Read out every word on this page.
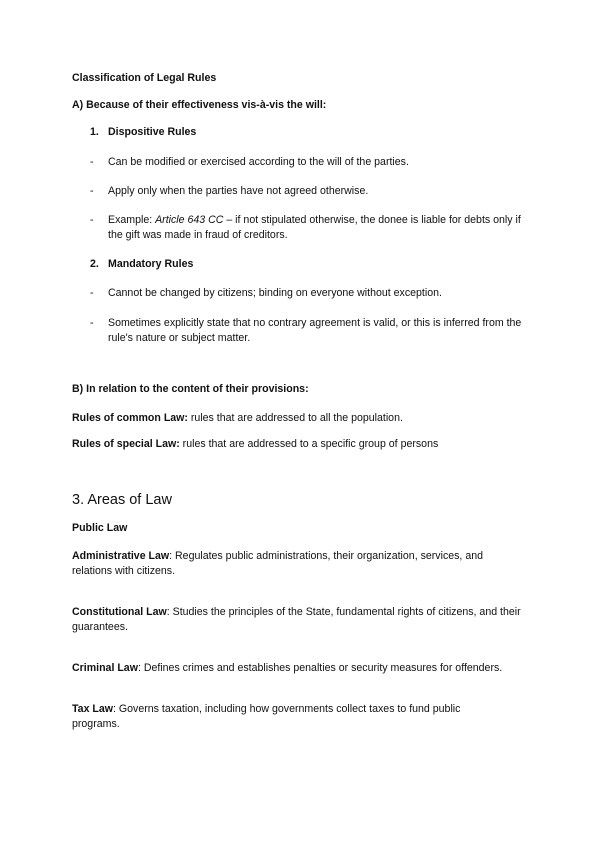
Classification of Legal Rules
A) Because of their effectiveness vis-à-vis the will:
1. Dispositive Rules
- Can be modified or exercised according to the will of the parties.
- Apply only when the parties have not agreed otherwise.
- Example: Article 643 CC – if not stipulated otherwise, the donee is liable for debts only if the gift was made in fraud of creditors.
2. Mandatory Rules
- Cannot be changed by citizens; binding on everyone without exception.
- Sometimes explicitly state that no contrary agreement is valid, or this is inferred from the rule's nature or subject matter.
B) In relation to the content of their provisions:
Rules of common Law: rules that are addressed to all the population.
Rules of special Law: rules that are addressed to a specific group of persons
3. Areas of Law
Public Law
Administrative Law: Regulates public administrations, their organization, services, and relations with citizens.
Constitutional Law: Studies the principles of the State, fundamental rights of citizens, and their guarantees.
Criminal Law: Defines crimes and establishes penalties or security measures for offenders.
Tax Law: Governs taxation, including how governments collect taxes to fund public programs.
